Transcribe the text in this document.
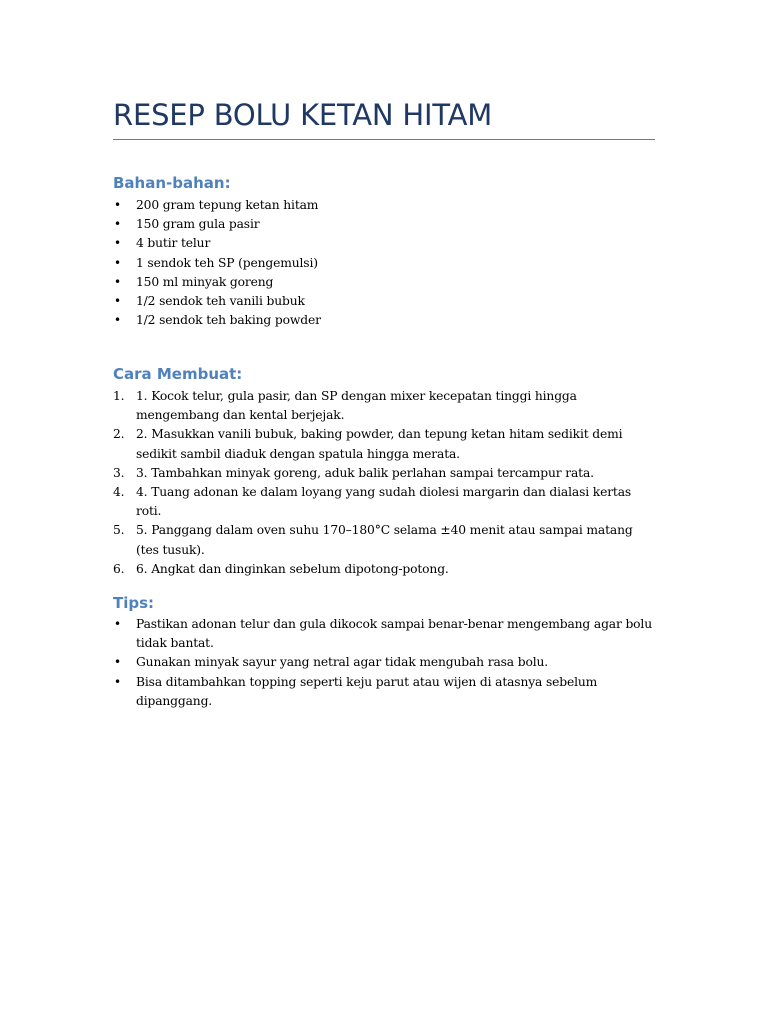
RESEP BOLU KETAN HITAM
Bahan-bahan:
• 200 gram tepung ketan hitam
• 150 gram gula pasir
• 4 butir telur
• 1 sendok teh SP (pengemulsi)
• 150 ml minyak goreng
• 1/2 sendok teh vanili bubuk
• 1/2 sendok teh baking powder
Cara Membuat:
1. 1. Kocok telur, gula pasir, dan SP dengan mixer kecepatan tinggi hingga mengembang dan kental berjejak.
2. 2. Masukkan vanili bubuk, baking powder, dan tepung ketan hitam sedikit demi sedikit sambil diaduk dengan spatula hingga merata.
3. 3. Tambahkan minyak goreng, aduk balik perlahan sampai tercampur rata.
4. 4. Tuang adonan ke dalam loyang yang sudah diolesi margarin dan dialasi kertas roti.
5. 5. Panggang dalam oven suhu 170–180°C selama ±40 menit atau sampai matang (tes tusuk).
6. 6. Angkat dan dinginkan sebelum dipotong-potong.
Tips:
• Pastikan adonan telur dan gula dikocok sampai benar-benar mengembang agar bolu tidak bantat.
• Gunakan minyak sayur yang netral agar tidak mengubah rasa bolu.
• Bisa ditambahkan topping seperti keju parut atau wijen di atasnya sebelum dipanggang.
